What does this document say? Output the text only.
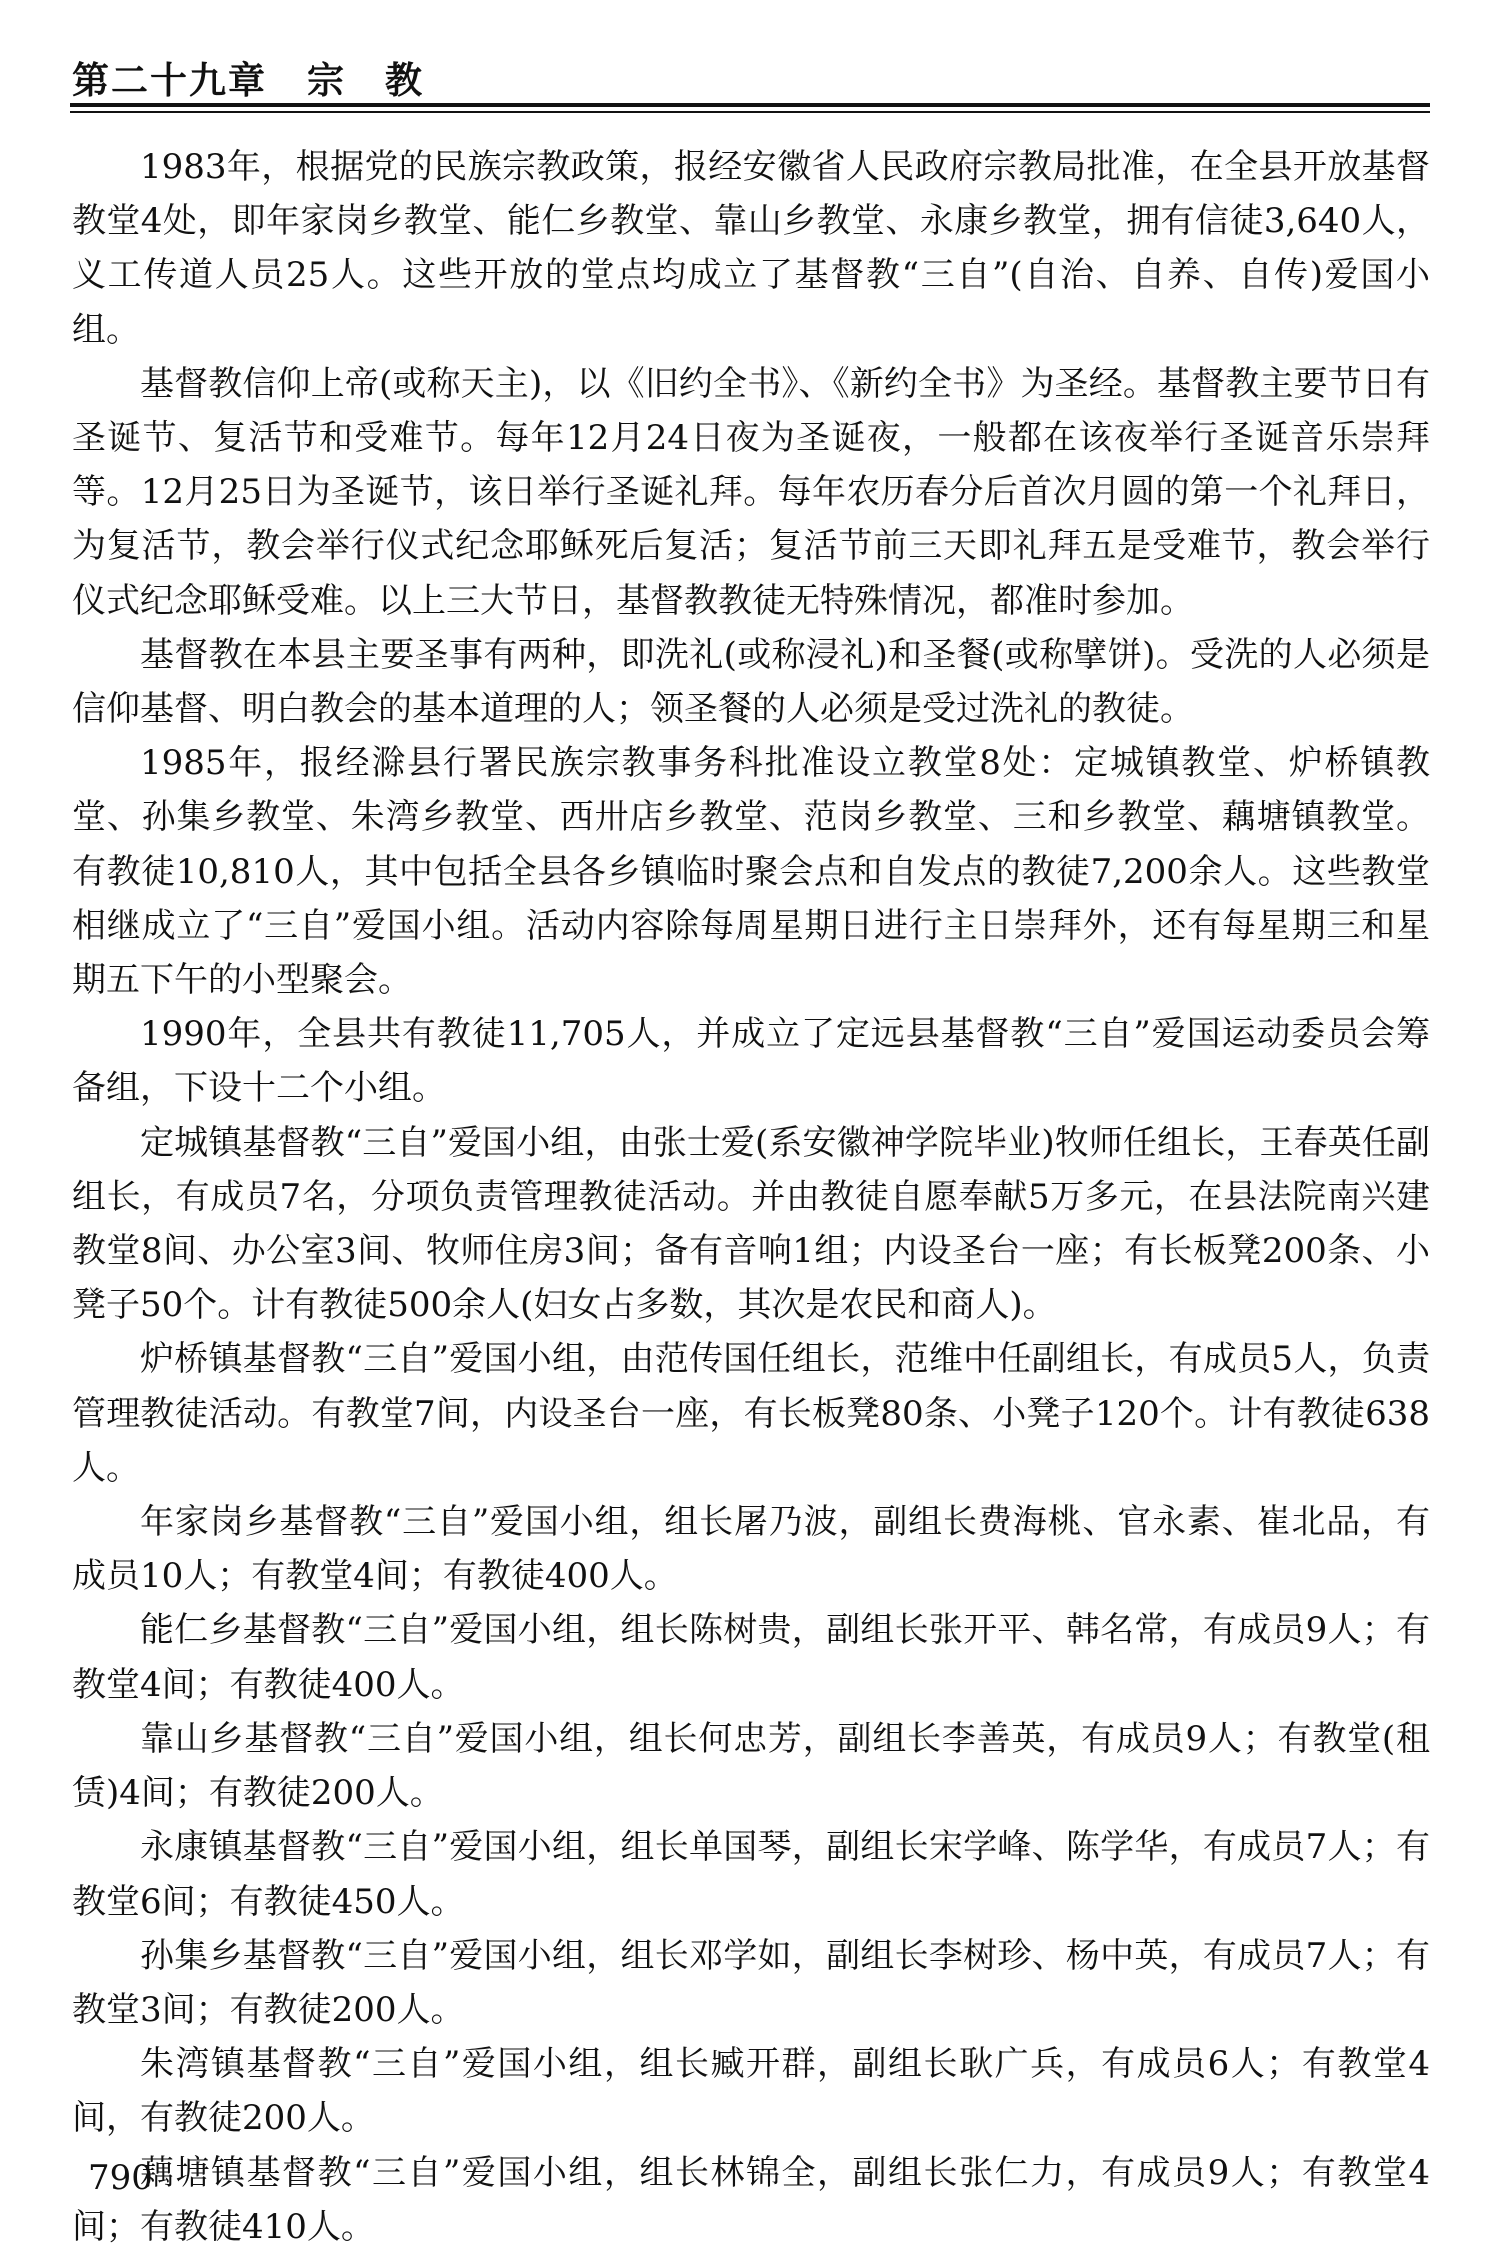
第二十九章 宗　教

1983年，根据党的民族宗教政策，报经安徽省人民政府宗教局批准，在全县开放基督教堂4处，即年家岗乡教堂、能仁乡教堂、靠山乡教堂、永康乡教堂，拥有信徒3,640人，义工传道人员25人。这些开放的堂点均成立了基督教“三自”(自治、自养、自传)爱国小组。

基督教信仰上帝(或称天主)，以《旧约全书》、《新约全书》为圣经。基督教主要节日有圣诞节、复活节和受难节。每年12月24日夜为圣诞夜，一般都在该夜举行圣诞音乐崇拜等。12月25日为圣诞节，该日举行圣诞礼拜。每年农历春分后首次月圆的第一个礼拜日，为复活节，教会举行仪式纪念耶稣死后复活；复活节前三天即礼拜五是受难节，教会举行仪式纪念耶稣受难。以上三大节日，基督教教徒无特殊情况，都准时参加。

基督教在本县主要圣事有两种，即洗礼(或称浸礼)和圣餐(或称擘饼)。受洗的人必须是信仰基督、明白教会的基本道理的人；领圣餐的人必须是受过洗礼的教徒。

1985年，报经滁县行署民族宗教事务科批准设立教堂8处：定城镇教堂、炉桥镇教堂、孙集乡教堂、朱湾乡教堂、西卅店乡教堂、范岗乡教堂、三和乡教堂、藕塘镇教堂。有教徒10,810人，其中包括全县各乡镇临时聚会点和自发点的教徒7,200余人。这些教堂相继成立了“三自”爱国小组。活动内容除每周星期日进行主日崇拜外，还有每星期三和星期五下午的小型聚会。

1990年，全县共有教徒11,705人，并成立了定远县基督教“三自”爱国运动委员会筹备组，下设十二个小组。

定城镇基督教“三自”爱国小组，由张士爱(系安徽神学院毕业)牧师任组长，王春英任副组长，有成员7名，分项负责管理教徒活动。并由教徒自愿奉献5万多元，在县法院南兴建教堂8间、办公室3间、牧师住房3间；备有音响1组；内设圣台一座；有长板凳200条、小凳子50个。计有教徒500余人(妇女占多数，其次是农民和商人)。

炉桥镇基督教“三自”爱国小组，由范传国任组长，范维中任副组长，有成员5人，负责管理教徒活动。有教堂7间，内设圣台一座，有长板凳80条、小凳子120个。计有教徒638人。

年家岗乡基督教“三自”爱国小组，组长屠乃波，副组长费海桃、官永素、崔北品，有成员10人；有教堂4间；有教徒400人。

能仁乡基督教“三自”爱国小组，组长陈树贵，副组长张开平、韩名常，有成员9人；有教堂4间；有教徒400人。

靠山乡基督教“三自”爱国小组，组长何忠芳，副组长李善英，有成员9人；有教堂(租赁)4间；有教徒200人。

永康镇基督教“三自”爱国小组，组长单国琴，副组长宋学峰、陈学华，有成员7人；有教堂6间；有教徒450人。

孙集乡基督教“三自”爱国小组，组长邓学如，副组长李树珍、杨中英，有成员7人；有教堂3间；有教徒200人。

朱湾镇基督教“三自”爱国小组，组长臧开群，副组长耿广兵，有成员6人；有教堂4间，有教徒200人。

藕塘镇基督教“三自”爱国小组，组长林锦全，副组长张仁力，有成员9人；有教堂4间；有教徒410人。

790
